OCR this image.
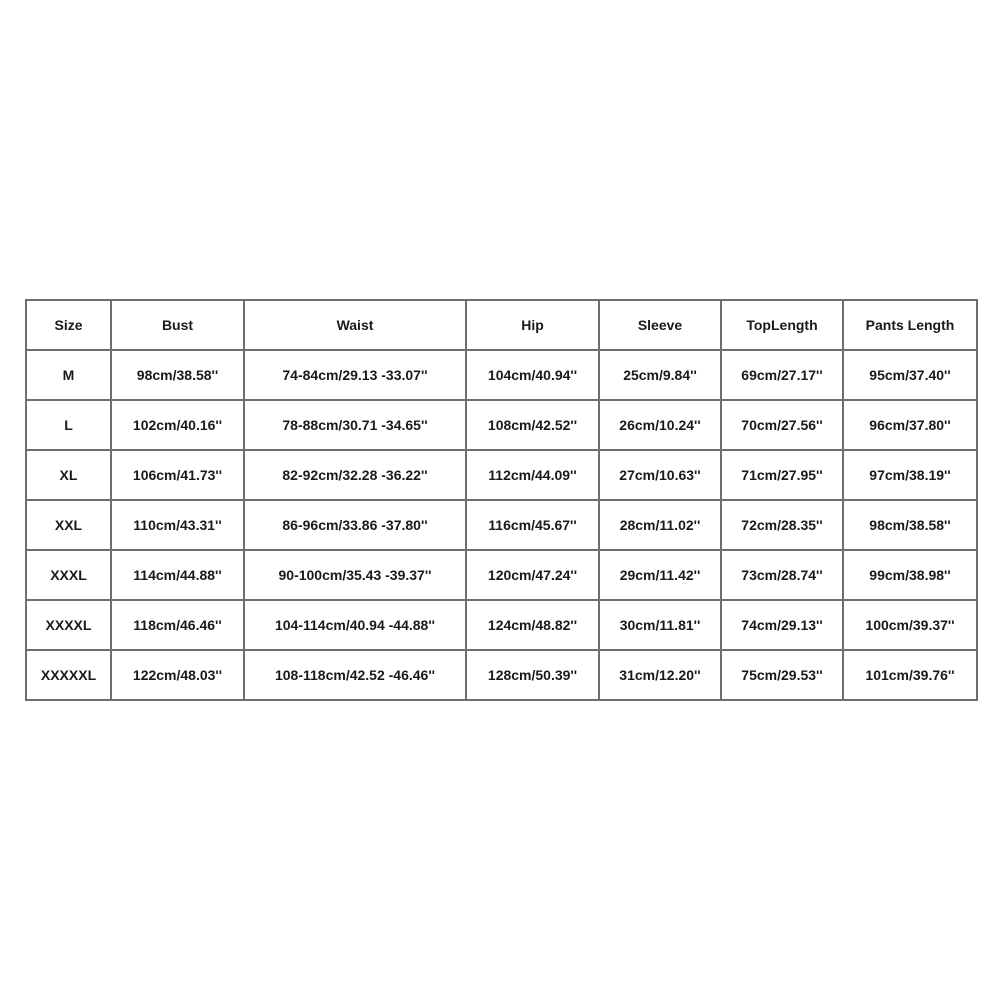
Size	Bust	Waist	Hip	Sleeve	TopLength	Pants Length
M	98cm/38.58''	74-84cm/29.13 -33.07''	104cm/40.94''	25cm/9.84''	69cm/27.17''	95cm/37.40''
L	102cm/40.16''	78-88cm/30.71 -34.65''	108cm/42.52''	26cm/10.24''	70cm/27.56''	96cm/37.80''
XL	106cm/41.73''	82-92cm/32.28 -36.22''	112cm/44.09''	27cm/10.63''	71cm/27.95''	97cm/38.19''
XXL	110cm/43.31''	86-96cm/33.86 -37.80''	116cm/45.67''	28cm/11.02''	72cm/28.35''	98cm/38.58''
XXXL	114cm/44.88''	90-100cm/35.43 -39.37''	120cm/47.24''	29cm/11.42''	73cm/28.74''	99cm/38.98''
XXXXL	118cm/46.46''	104-114cm/40.94 -44.88''	124cm/48.82''	30cm/11.81''	74cm/29.13''	100cm/39.37''
XXXXXL	122cm/48.03''	108-118cm/42.52 -46.46''	128cm/50.39''	31cm/12.20''	75cm/29.53''	101cm/39.76''
